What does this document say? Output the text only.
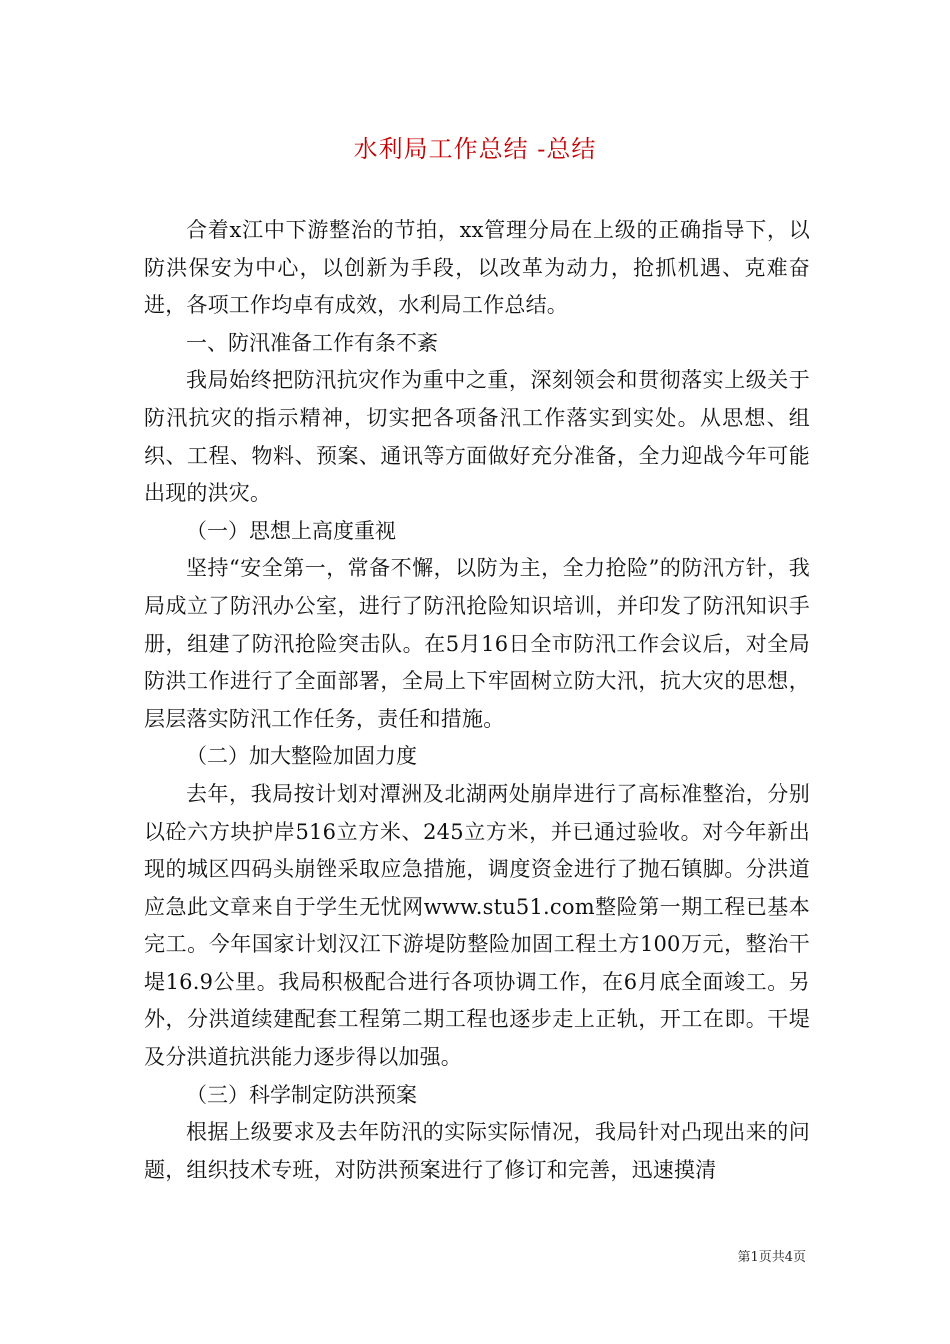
水利局工作总结 -总结

合着x江中下游整治的节拍，xx管理分局在上级的正确指导下，以防洪保安为中心，以创新为手段，以改革为动力，抢抓机遇、克难奋进，各项工作均卓有成效，水利局工作总结。

一、防汛准备工作有条不紊

我局始终把防汛抗灾作为重中之重，深刻领会和贯彻落实上级关于防汛抗灾的指示精神，切实把各项备汛工作落实到实处。从思想、组织、工程、物料、预案、通讯等方面做好充分准备，全力迎战今年可能出现的洪灾。

（一）思想上高度重视

坚持“安全第一，常备不懈，以防为主，全力抢险”的防汛方针，我局成立了防汛办公室，进行了防汛抢险知识培训，并印发了防汛知识手册，组建了防汛抢险突击队。在5月16日全市防汛工作会议后，对全局防洪工作进行了全面部署，全局上下牢固树立防大汛，抗大灾的思想，层层落实防汛工作任务，责任和措施。

（二）加大整险加固力度

去年，我局按计划对潭洲及北湖两处崩岸进行了高标准整治，分别以砼六方块护岸516立方米、245立方米，并已通过验收。对今年新出现的城区四码头崩锉采取应急措施，调度资金进行了抛石镇脚。分洪道应急此文章来自于学生无忧网www.stu51.com整险第一期工程已基本完工。今年国家计划汉江下游堤防整险加固工程土方100万元，整治干堤16.9公里。我局积极配合进行各项协调工作，在6月底全面竣工。另外，分洪道续建配套工程第二期工程也逐步走上正轨，开工在即。干堤及分洪道抗洪能力逐步得以加强。

（三）科学制定防洪预案

根据上级要求及去年防汛的实际实际情况，我局针对凸现出来的问题，组织技术专班，对防洪预案进行了修订和完善，迅速摸清

第1页共4页
